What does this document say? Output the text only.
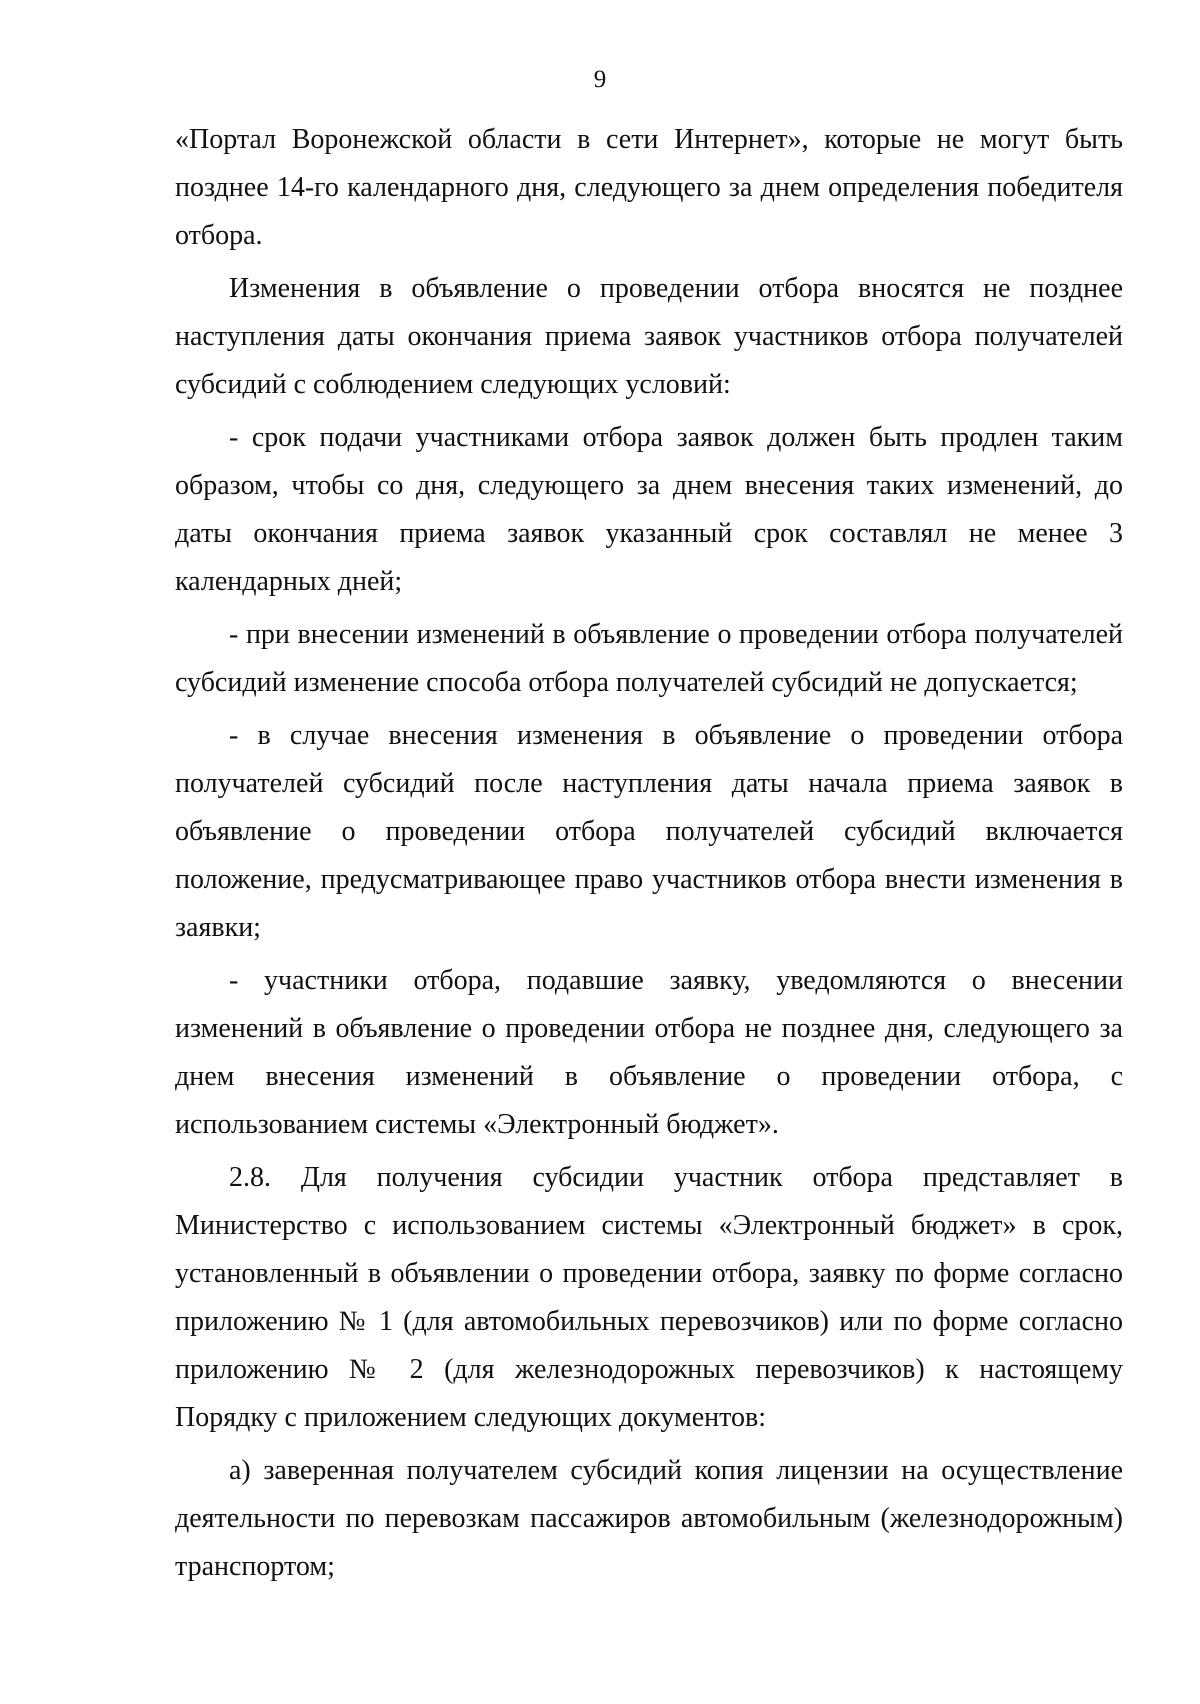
9
«Портал Воронежской области в сети Интернет», которые не могут быть
позднее 14-го календарного дня, следующего за днем определения победителя
отбора.
Изменения в объявление о проведении отбора вносятся не позднее
наступления даты окончания приема заявок участников отбора получателей
субсидий с соблюдением следующих условий:
- срок подачи участниками отбора заявок должен быть продлен таким
образом, чтобы со дня, следующего за днем внесения таких изменений, до
даты окончания приема заявок указанный срок составлял не менее 3
календарных дней;
- при внесении изменений в объявление о проведении отбора получателей
субсидий изменение способа отбора получателей субсидий не допускается;
- в случае внесения изменения в объявление о проведении отбора
получателей субсидий после наступления даты начала приема заявок в
объявление о проведении отбора получателей субсидий включается
положение, предусматривающее право участников отбора внести изменения в
заявки;
- участники отбора, подавшие заявку, уведомляются о внесении
изменений в объявление о проведении отбора не позднее дня, следующего за
днем внесения изменений в объявление о проведении отбора, с
использованием системы «Электронный бюджет».
2.8. Для получения субсидии участник отбора представляет в
Министерство с использованием системы «Электронный бюджет» в срок,
установленный в объявлении о проведении отбора, заявку по форме согласно
приложению № 1 (для автомобильных перевозчиков) или по форме согласно
приложению № 2 (для железнодорожных перевозчиков) к настоящему
Порядку с приложением следующих документов:
а) заверенная получателем субсидий копия лицензии на осуществление
деятельности по перевозкам пассажиров автомобильным (железнодорожным)
транспортом;
